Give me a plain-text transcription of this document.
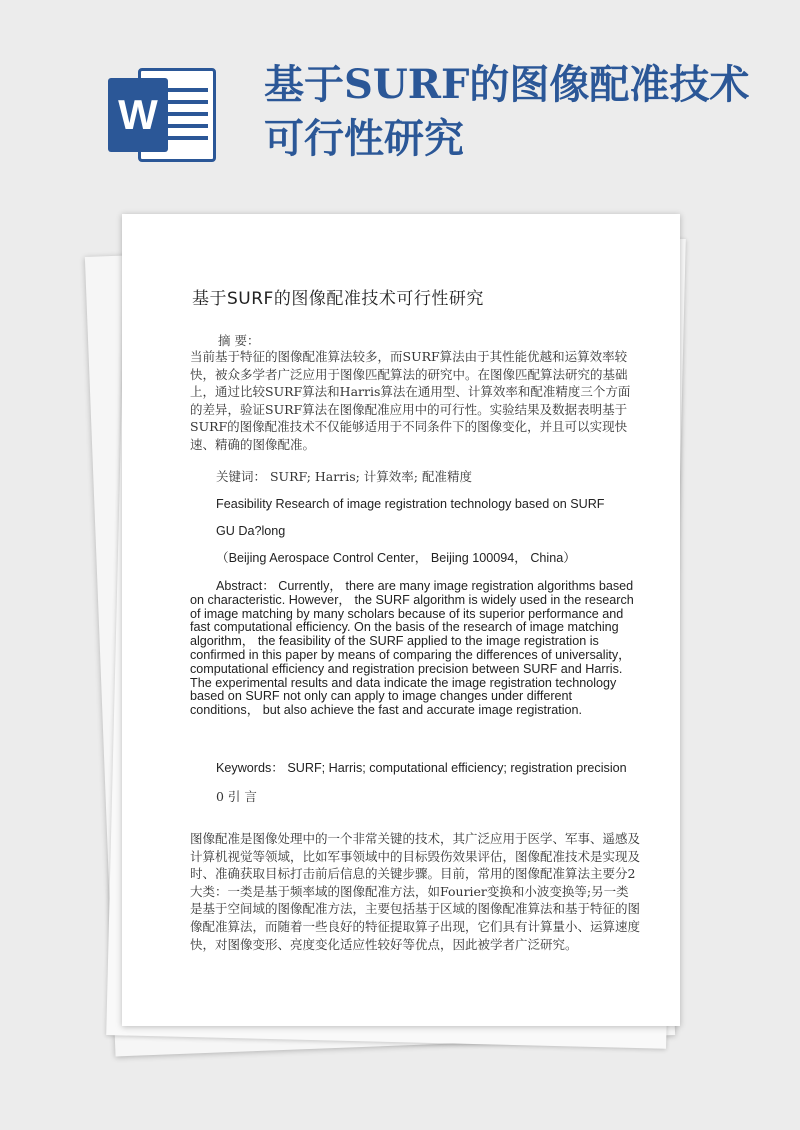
W
基于SURF的图像配准技术可行性研究
基于SURF的图像配准技术可行性研究

摘 要：

当前基于特征的图像配准算法较多，而SURF算法由于其性能优越和运算效率较快，被众多学者广泛应用于图像匹配算法的研究中。在图像匹配算法研究的基础上，通过比较SURF算法和Harris算法在通用型、计算效率和配准精度三个方面的差异，验证SURF算法在图像配准应用中的可行性。实验结果及数据表明基于SURF的图像配准技术不仅能够适用于不同条件下的图像变化，并且可以实现快速、精确的图像配准。

关键词： SURF; Harris; 计算效率; 配准精度

Feasibility Research of image registration technology based on SURF

GU Da?long

（Beijing Aerospace Control Center， Beijing 100094， China）

Abstract： Currently， there are many image registration algorithms based on characteristic. However， the SURF algorithm is widely used in the research of image matching by many scholars because of its superior performance and fast computational efficiency. On the basis of the research of image matching algorithm， the feasibility of the SURF applied to the image registration is confirmed in this paper by means of comparing the differences of universality， computational efficiency and registration precision between SURF and Harris. The experimental results and data indicate the image registration technology based on SURF not only can apply to image changes under different conditions， but also achieve the fast and accurate image registration.

Keywords： SURF; Harris; computational efficiency; registration precision

0 引 言

图像配准是图像处理中的一个非常关键的技术，其广泛应用于医学、军事、遥感及计算机视觉等领域，比如军事领域中的目标毁伤效果评估，图像配准技术是实现及时、准确获取目标打击前后信息的关键步骤。目前，常用的图像配准算法主要分2大类：一类是基于频率域的图像配准方法，如Fourier变换和小波变换等;另一类是基于空间域的图像配准方法，主要包括基于区域的图像配准算法和基于特征的图像配准算法，而随着一些良好的特征提取算子出现，它们具有计算量小、运算速度快，对图像变形、亮度变化适应性较好等优点，因此被学者广泛研究。
